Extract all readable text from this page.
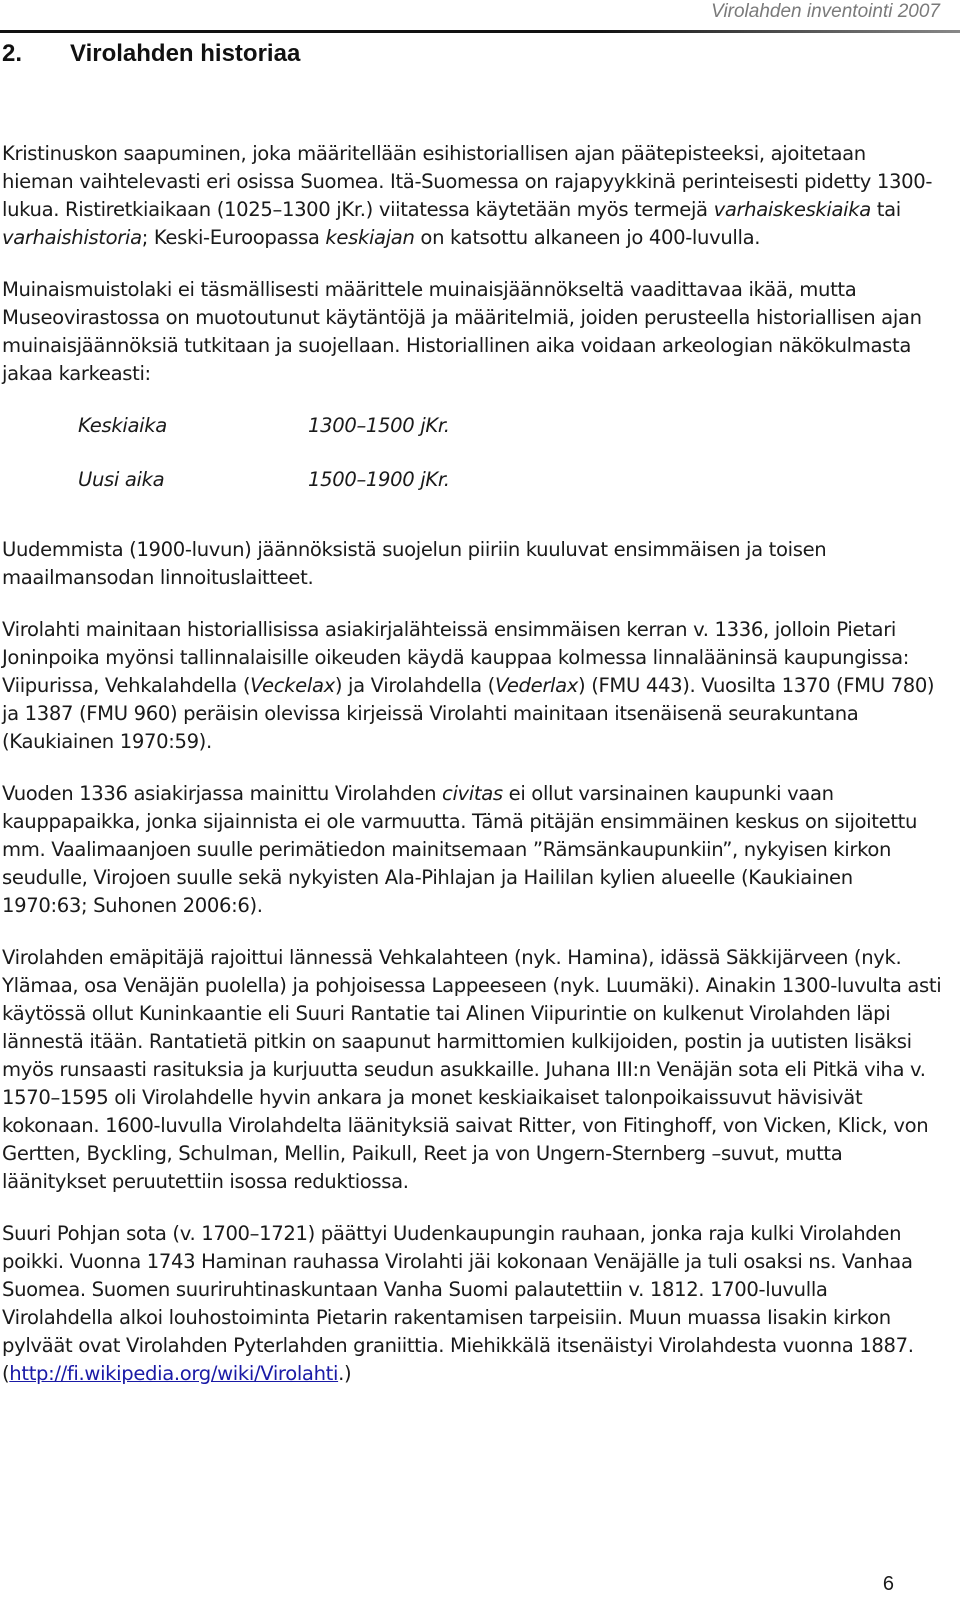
Virolahden inventointi 2007
2. Virolahden historiaa

Kristinuskon saapuminen, joka määritellään esihistoriallisen ajan päätepisteeksi, ajoitetaan hieman vaihtelevasti eri osissa Suomea. Itä-Suomessa on rajapyykkinä perinteisesti pidetty 1300-lukua. Ristiretkiaikaan (1025–1300 jKr.) viitatessa käytetään myös termejä varhaiskeskiaika tai varhaishistoria; Keski-Euroopassa keskiajan on katsottu alkaneen jo 400-luvulla.

Muinaismuistolaki ei täsmällisesti määrittele muinaisjäännökseltä vaadittavaa ikää, mutta Museovirastossa on muotoutunut käytäntöjä ja määritelmiä, joiden perusteella historiallisen ajan muinaisjäännöksiä tutkitaan ja suojellaan. Historiallinen aika voidaan arkeologian näkökulmasta jakaa karkeasti:

Keskiaika	1300–1500 jKr.
Uusi aika	1500–1900 jKr.

Uudemmista (1900-luvun) jäännöksistä suojelun piiriin kuuluvat ensimmäisen ja toisen maailmansodan linnoituslaitteet.

Virolahti mainitaan historiallisissa asiakirjalähteissä ensimmäisen kerran v. 1336, jolloin Pietari Joninpoika myönsi tallinnalaisille oikeuden käydä kauppaa kolmessa linnalääninsä kaupungissa: Viipurissa, Vehkalahdella (Veckelax) ja Virolahdella (Vederlax) (FMU 443). Vuosilta 1370 (FMU 780) ja 1387 (FMU 960) peräisin olevissa kirjeissä Virolahti mainitaan itsenäisenä seurakuntana (Kaukiainen 1970:59).

Vuoden 1336 asiakirjassa mainittu Virolahden civitas ei ollut varsinainen kaupunki vaan kauppapaikka, jonka sijainnista ei ole varmuutta. Tämä pitäjän ensimmäinen keskus on sijoitettu mm. Vaalimaanjoen suulle perimätiedon mainitsemaan ”Rämsänkaupunkiin”, nykyisen kirkon seudulle, Virojoen suulle sekä nykyisten Ala-Pihlajan ja Haililan kylien alueelle (Kaukiainen 1970:63; Suhonen 2006:6).

Virolahden emäpitäjä rajoittui lännessä Vehkalahteen (nyk. Hamina), idässä Säkkijärveen (nyk. Ylämaa, osa Venäjän puolella) ja pohjoisessa Lappeeseen (nyk. Luumäki). Ainakin 1300-luvulta asti käytössä ollut Kuninkaantie eli Suuri Rantatie tai Alinen Viipurintie on kulkenut Virolahden läpi lännestä itään. Rantatietä pitkin on saapunut harmittomien kulkijoiden, postin ja uutisten lisäksi myös runsaasti rasituksia ja kurjuutta seudun asukkaille. Juhana III:n Venäjän sota eli Pitkä viha v. 1570–1595 oli Virolahdelle hyvin ankara ja monet keskiaikaiset talonpoikaissuvut hävisivät kokonaan. 1600-luvulla Virolahdelta läänityksiä saivat Ritter, von Fitinghoff, von Vicken, Klick, von Gertten, Byckling, Schulman, Mellin, Paikull, Reet ja von Ungern-Sternberg –suvut, mutta läänitykset peruutettiin isossa reduktiossa.

Suuri Pohjan sota (v. 1700–1721) päättyi Uudenkaupungin rauhaan, jonka raja kulki Virolahden poikki. Vuonna 1743 Haminan rauhassa Virolahti jäi kokonaan Venäjälle ja tuli osaksi ns. Vanhaa Suomea. Suomen suuriruhtinaskuntaan Vanha Suomi palautettiin v. 1812. 1700-luvulla Virolahdella alkoi louhostoiminta Pietarin rakentamisen tarpeisiin. Muun muassa Iisakin kirkon pylväät ovat Virolahden Pyterlahden graniittia. Miehikkälä itsenäistyi Virolahdesta vuonna 1887. (http://fi.wikipedia.org/wiki/Virolahti.)

6
